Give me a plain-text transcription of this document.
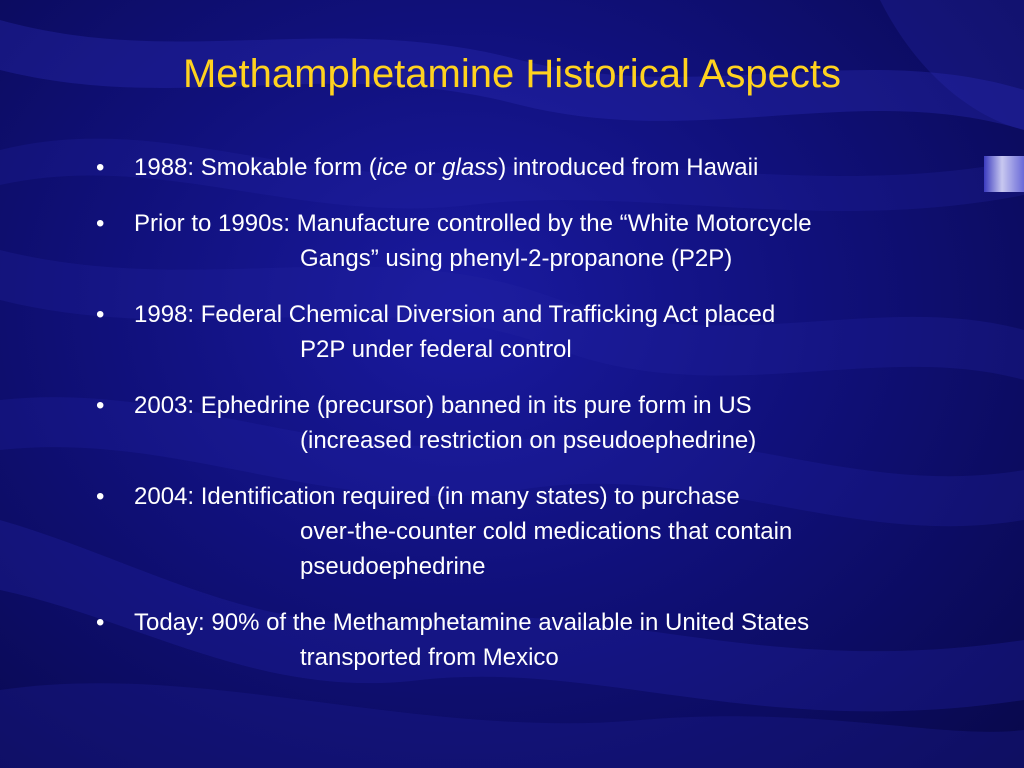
Methamphetamine Historical Aspects
• 1988: Smokable form (ice or glass) introduced from Hawaii
• Prior to 1990s: Manufacture controlled by the “White Motorcycle
Gangs” using phenyl-2-propanone (P2P)
• 1998: Federal Chemical Diversion and Trafficking Act placed
P2P under federal control
• 2003: Ephedrine (precursor) banned in its pure form in US
(increased restriction on pseudoephedrine)
• 2004: Identification required (in many states) to purchase
over-the-counter cold medications that contain
pseudoephedrine
• Today: 90% of the Methamphetamine available in United States
transported from Mexico
